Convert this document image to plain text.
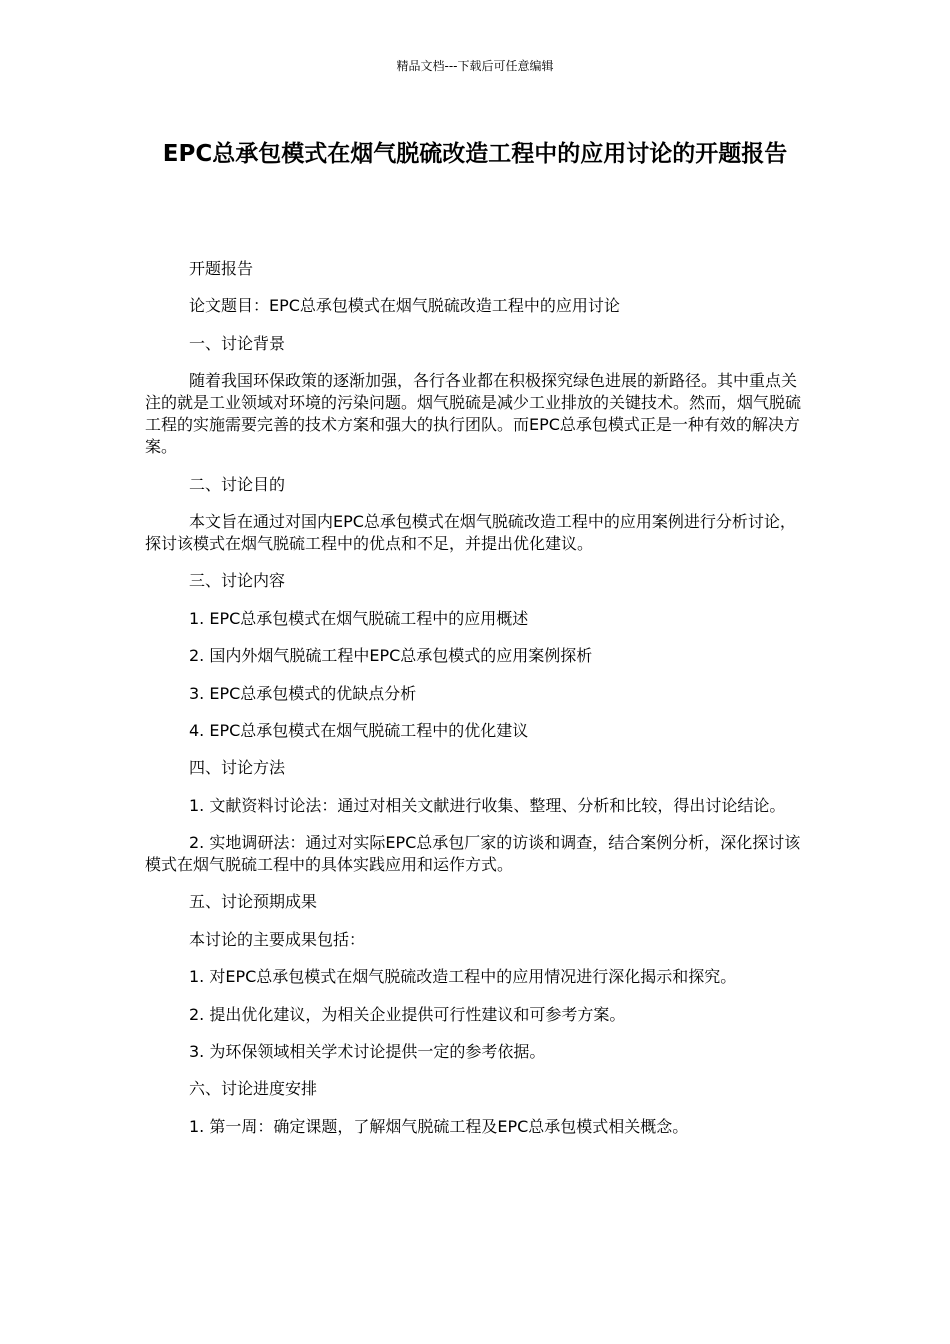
精品文档---下载后可任意编辑
EPC总承包模式在烟气脱硫改造工程中的应用讨论的开题报告

开题报告

论文题目：EPC总承包模式在烟气脱硫改造工程中的应用讨论

一、讨论背景

随着我国环保政策的逐渐加强，各行各业都在积极探究绿色进展的新路径。其中重点关注的就是工业领域对环境的污染问题。烟气脱硫是减少工业排放的关键技术。然而，烟气脱硫工程的实施需要完善的技术方案和强大的执行团队。而EPC总承包模式正是一种有效的解决方案。

二、讨论目的

本文旨在通过对国内EPC总承包模式在烟气脱硫改造工程中的应用案例进行分析讨论，探讨该模式在烟气脱硫工程中的优点和不足，并提出优化建议。

三、讨论内容

1. EPC总承包模式在烟气脱硫工程中的应用概述

2. 国内外烟气脱硫工程中EPC总承包模式的应用案例探析

3. EPC总承包模式的优缺点分析

4. EPC总承包模式在烟气脱硫工程中的优化建议

四、讨论方法

1. 文献资料讨论法：通过对相关文献进行收集、整理、分析和比较，得出讨论结论。

2. 实地调研法：通过对实际EPC总承包厂家的访谈和调查，结合案例分析，深化探讨该模式在烟气脱硫工程中的具体实践应用和运作方式。

五、讨论预期成果

本讨论的主要成果包括：

1. 对EPC总承包模式在烟气脱硫改造工程中的应用情况进行深化揭示和探究。

2. 提出优化建议，为相关企业提供可行性建议和可参考方案。

3. 为环保领域相关学术讨论提供一定的参考依据。

六、讨论进度安排

1. 第一周：确定课题，了解烟气脱硫工程及EPC总承包模式相关概念。
